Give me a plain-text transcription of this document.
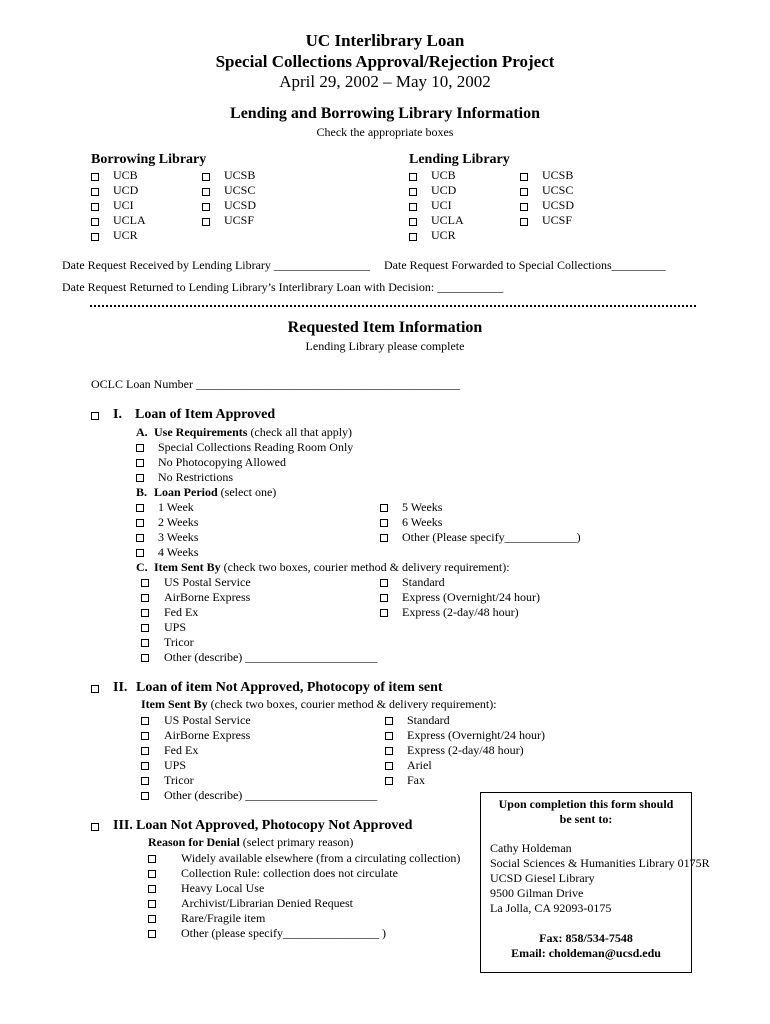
UC Interlibrary Loan
Special Collections Approval/Rejection Project
April 29, 2002 – May 10, 2002
Lending and Borrowing Library Information
Check the appropriate boxes
Borrowing Library	Lending Library
UCB
UCD
UCI
UCLA
UCR
UCSB
UCSC
UCSD
UCSF
UCB
UCD
UCI
UCLA
UCR
UCSB
UCSC
UCSD
UCSF
Date Request Received by Lending Library ________________ Date Request Forwarded to Special Collections_________
Date Request Returned to Lending Library’s Interlibrary Loan with Decision: ___________
Requested Item Information
Lending Library please complete
OCLC Loan Number ____________________________________________
I. Loan of Item Approved
A. Use Requirements (check all that apply)
Special Collections Reading Room Only
No Photocopying Allowed
No Restrictions
B. Loan Period (select one)
1 Week
2 Weeks
3 Weeks
4 Weeks
5 Weeks
6 Weeks
Other (Please specify____________)
C. Item Sent By (check two boxes, courier method & delivery requirement):
US Postal Service
AirBorne Express
Fed Ex
UPS
Tricor
Other (describe) ______________________
Standard
Express (Overnight/24 hour)
Express (2-day/48 hour)
II. Loan of item Not Approved, Photocopy of item sent
Item Sent By (check two boxes, courier method & delivery requirement):
US Postal Service
AirBorne Express
Fed Ex
UPS
Tricor
Other (describe) ______________________
Standard
Express (Overnight/24 hour)
Express (2-day/48 hour)
Ariel
Fax
III. Loan Not Approved, Photocopy Not Approved
Reason for Denial (select primary reason)
Widely available elsewhere (from a circulating collection)
Collection Rule: collection does not circulate
Heavy Local Use
Archivist/Librarian Denied Request
Rare/Fragile item
Other (please specify________________ )
Upon completion this form should
be sent to:
Cathy Holdeman
Social Sciences & Humanities Library 0175R
UCSD Giesel Library
9500 Gilman Drive
La Jolla, CA 92093-0175
Fax: 858/534-7548
Email: choldeman@ucsd.edu
